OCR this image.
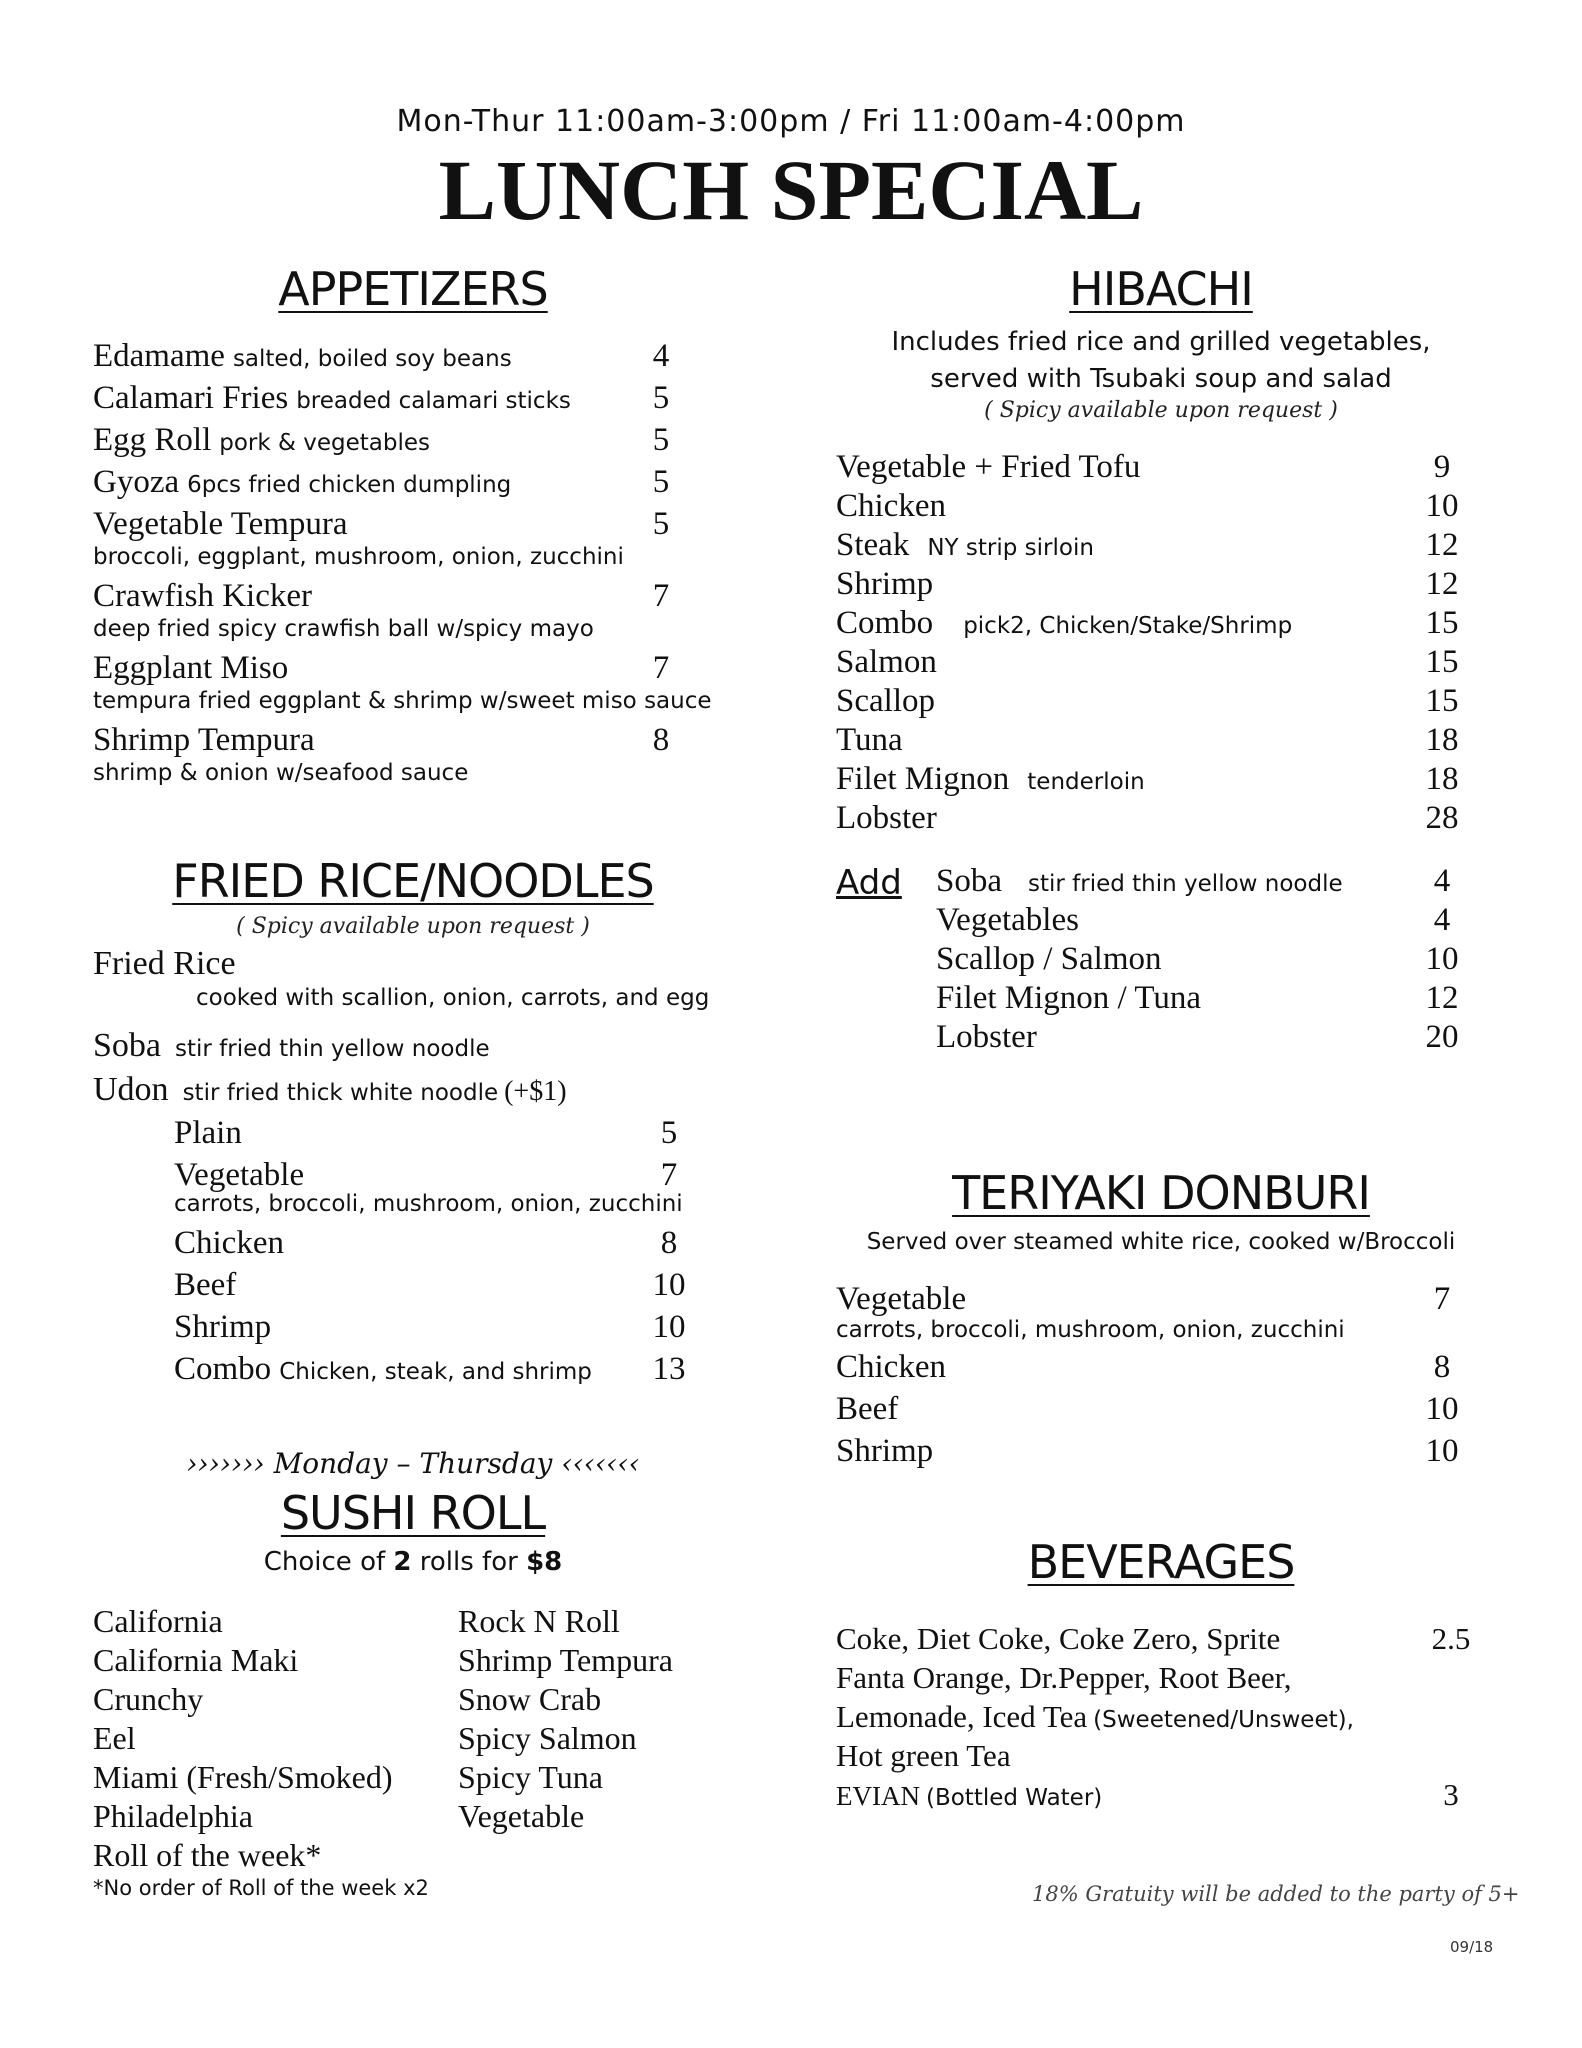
Mon-Thur 11:00am-3:00pm / Fri 11:00am-4:00pm
LUNCH SPECIAL
APPETIZERS
Edamame salted, boiled soy beans	4
Calamari Fries breaded calamari sticks	5
Egg Roll pork & vegetables	5
Gyoza 6pcs fried chicken dumpling	5
Vegetable Tempura	5
broccoli, eggplant, mushroom, onion, zucchini
Crawfish Kicker	7
deep fried spicy crawfish ball w/spicy mayo
Eggplant Miso	7
tempura fried eggplant & shrimp w/sweet miso sauce
Shrimp Tempura	8
shrimp & onion w/seafood sauce
FRIED RICE/NOODLES
( Spicy available upon request )
Fried Rice
cooked with scallion, onion, carrots, and egg
Soba stir fried thin yellow noodle
Udon stir fried thick white noodle (+$1)
Plain	5
Vegetable	7
carrots, broccoli, mushroom, onion, zucchini
Chicken	8
Beef	10
Shrimp	10
Combo Chicken, steak, and shrimp	13
››››››› Monday – Thursday ‹‹‹‹‹‹‹
SUSHI ROLL
Choice of 2 rolls for $8
California	Rock N Roll
California Maki	Shrimp Tempura
Crunchy	Snow Crab
Eel	Spicy Salmon
Miami (Fresh/Smoked)	Spicy Tuna
Philadelphia	Vegetable
Roll of the week*
*No order of Roll of the week x2
HIBACHI
Includes fried rice and grilled vegetables,
served with Tsubaki soup and salad
( Spicy available upon request )
Vegetable + Fried Tofu	9
Chicken	10
Steak NY strip sirloin	12
Shrimp	12
Combo pick2, Chicken/Stake/Shrimp	15
Salmon	15
Scallop	15
Tuna	18
Filet Mignon tenderloin	18
Lobster	28
Add	Soba stir fried thin yellow noodle	4
Vegetables	4
Scallop / Salmon	10
Filet Mignon / Tuna	12
Lobster	20
TERIYAKI DONBURI
Served over steamed white rice, cooked w/Broccoli
Vegetable	7
carrots, broccoli, mushroom, onion, zucchini
Chicken	8
Beef	10
Shrimp	10
BEVERAGES
Coke, Diet Coke, Coke Zero, Sprite	2.5
Fanta Orange, Dr.Pepper, Root Beer,
Lemonade, Iced Tea (Sweetened/Unsweet),
Hot green Tea
EVIAN (Bottled Water)	3
18% Gratuity will be added to the party of 5+
09/18
